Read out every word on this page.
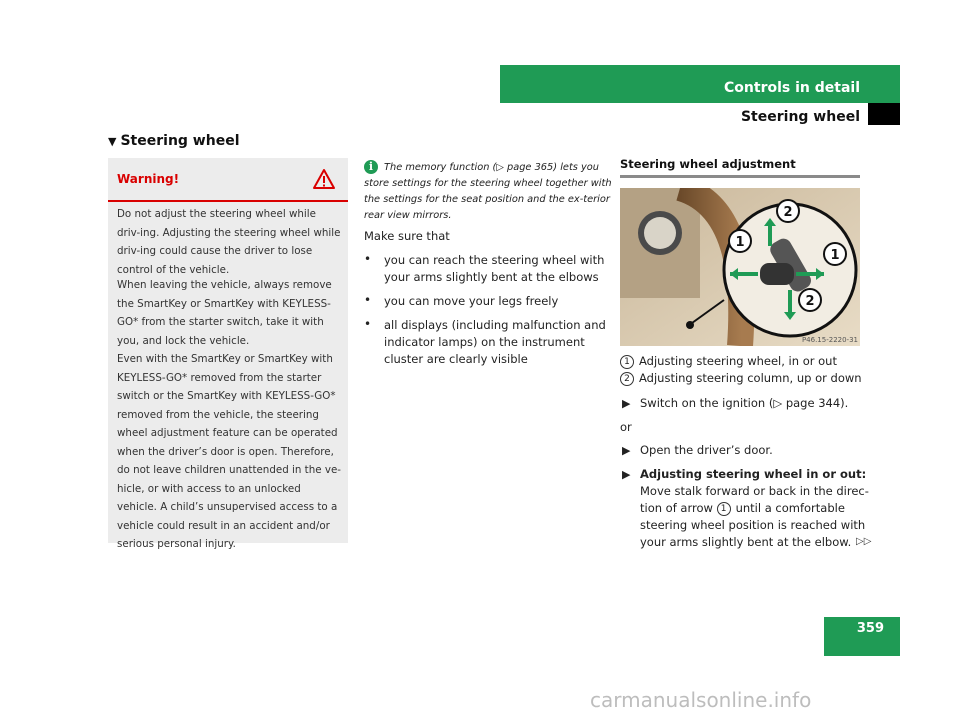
Controls in detail
Steering wheel
▼ Steering wheel
Warning!
Do not adjust the steering wheel while driv-ing. Adjusting the steering wheel while driv-ing could cause the driver to lose control of the vehicle.
When leaving the vehicle, always remove the SmartKey or SmartKey with KEYLESS-GO* from the starter switch, take it with you, and lock the vehicle.
Even with the SmartKey or SmartKey with KEYLESS-GO* removed from the starter switch or the SmartKey with KEYLESS-GO* removed from the vehicle, the steering wheel adjustment feature can be operated when the driver’s door is open. Therefore, do not leave children unattended in the ve-hicle, or with access to an unlocked vehicle. A child’s unsupervised access to a vehicle could result in an accident and/or serious personal injury.
The memory function (▷ page 365) lets you store settings for the steering wheel together with the settings for the seat position and the ex-terior rear view mirrors.
i
Make sure that
• you can reach the steering wheel with your arms slightly bent at the elbows
• you can move your legs freely
• all displays (including malfunction and indicator lamps) on the instrument cluster are clearly visible
Steering wheel adjustment
1
1
2
2
P46.15-2220-31
1 Adjusting steering wheel, in or out
2 Adjusting steering column, up or down
▶ Switch on the ignition (▷ page 344).
or
▶ Open the driver’s door.
▶ Adjusting steering wheel in or out:
Move stalk forward or back in the direc-tion of arrow 1 until a comfortable steering wheel position is reached with your arms slightly bent at the elbow. ▷▷
359
carmanualsonline.info
